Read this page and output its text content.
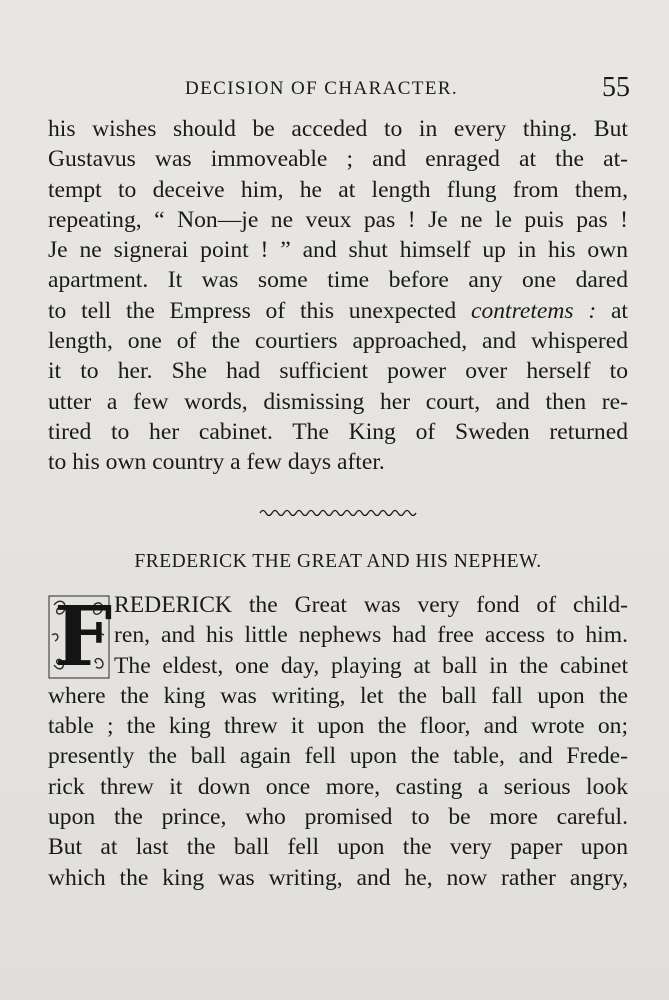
DECISION OF CHARACTER.	55
his wishes should be acceded to in every thing. But
Gustavus was immoveable ; and enraged at the at-
tempt to deceive him, he at length flung from them,
repeating, “ Non—je ne veux pas ! Je ne le puis pas !
Je ne signerai point ! ” and shut himself up in his own
apartment. It was some time before any one dared
to tell the Empress of this unexpected contretems : at
length, one of the courtiers approached, and whispered
it to her. She had sufficient power over herself to
utter a few words, dismissing her court, and then re-
tired to her cabinet. The King of Sweden returned
to his own country a few days after.
FREDERICK THE GREAT AND HIS NEPHEW.
F REDERICK the Great was very fond of child-
ren, and his little nephews had free access to him.
The eldest, one day, playing at ball in the cabinet
where the king was writing, let the ball fall upon the
table ; the king threw it upon the floor, and wrote on;
presently the ball again fell upon the table, and Frede-
rick threw it down once more, casting a serious look
upon the prince, who promised to be more careful.
But at last the ball fell upon the very paper upon
which the king was writing, and he, now rather angry,
